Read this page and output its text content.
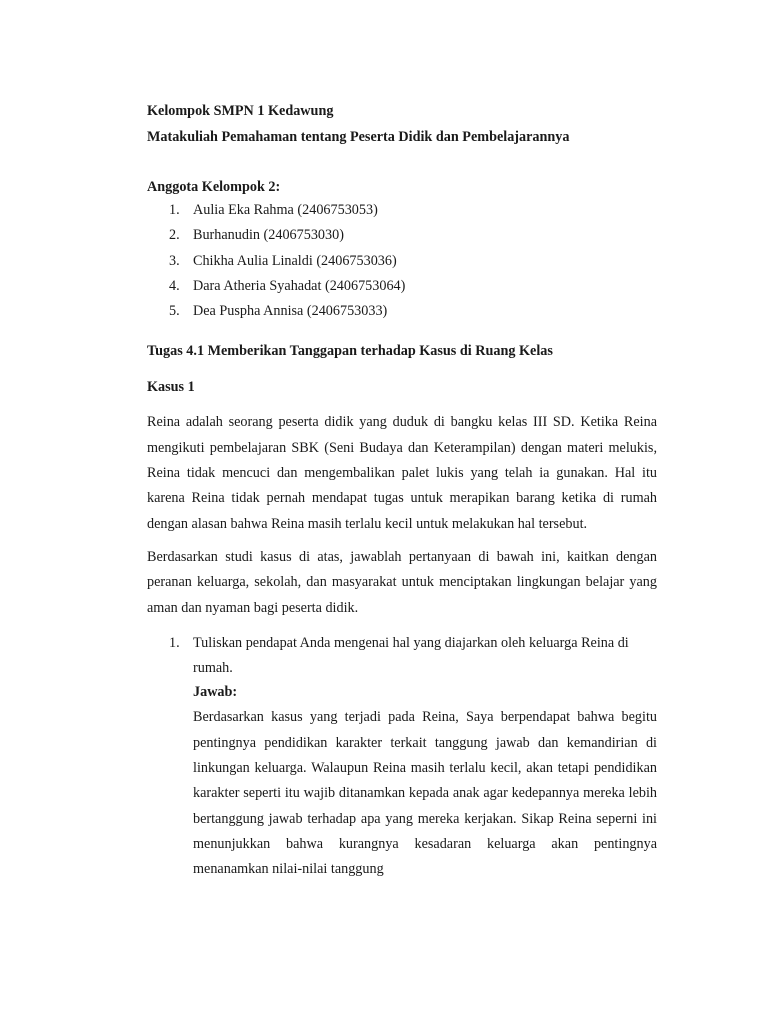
Kelompok SMPN 1 Kedawung

Matakuliah Pemahaman tentang Peserta Didik dan Pembelajarannya

Anggota Kelompok 2:

1. Aulia Eka Rahma (2406753053)
2. Burhanudin (2406753030)
3. Chikha Aulia Linaldi (2406753036)
4. Dara Atheria Syahadat (2406753064)
5. Dea Puspha Annisa (2406753033)

Tugas 4.1 Memberikan Tanggapan terhadap Kasus di Ruang Kelas

Kasus 1

Reina adalah seorang peserta didik yang duduk di bangku kelas III SD. Ketika Reina mengikuti pembelajaran SBK (Seni Budaya dan Keterampilan) dengan materi melukis, Reina tidak mencuci dan mengembalikan palet lukis yang telah ia gunakan. Hal itu karena Reina tidak pernah mendapat tugas untuk merapikan barang ketika di rumah dengan alasan bahwa Reina masih terlalu kecil untuk melakukan hal tersebut.

Berdasarkan studi kasus di atas, jawablah pertanyaan di bawah ini, kaitkan dengan peranan keluarga, sekolah, dan masyarakat untuk menciptakan lingkungan belajar yang aman dan nyaman bagi peserta didik.

1. Tuliskan pendapat Anda mengenai hal yang diajarkan oleh keluarga Reina di rumah.

Jawab:

Berdasarkan kasus yang terjadi pada Reina, Saya berpendapat bahwa begitu pentingnya pendidikan karakter terkait tanggung jawab dan kemandirian di linkungan keluarga. Walaupun Reina masih terlalu kecil, akan tetapi pendidikan karakter seperti itu wajib ditanamkan kepada anak agar kedepannya mereka lebih bertanggung jawab terhadap apa yang mereka kerjakan. Sikap Reina seperni ini menunjukkan bahwa kurangnya kesadaran keluarga akan pentingnya menanamkan nilai-nilai tanggung
